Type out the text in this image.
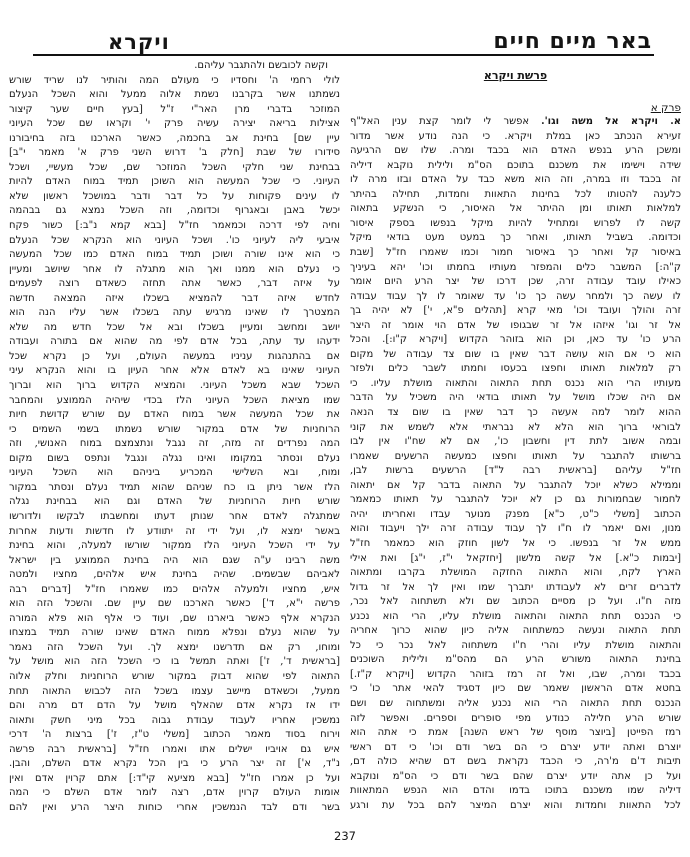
באר מיים חיים
ויקרא
פרשת ויקרא
פרק א
א. ויקרא אל משה וגו'. אפשר לי לומר קצת ענין האל"ף
זעירא הנכתב כאן במלת ויקרא. כי הנה נודע אשר מדור
ומשכן הרע בנפש האדם הוא בכבד ומרה. שלו שם הרגיעה
שידה וישימו את משכנם בתוכם הס"מ ולילית נוקבא דיליה
זה בכבד וזו במרה, וזה הוא משא כבד על האדם ובזו מרה לו
כלענה להטותו לכל בחינות התאוות וחמדות, תחילה בהיתר
למלאות תאותו ומן ההיתר אל האיסור, כי הנשקע בתאוה
קשה לו לפרוש ומתחיל להיות מיקל בנפשו בספק איסור
וכדומה. בשביל תאותו, ואחר כך במעט מעט בודאי מיקל
באיסור קל ואחר כך באיסור חמור וכמו שאמרו חז"ל [שבת
ק"ה:] המשבר כלים והמפזר מעותיו בחמתו וכו' יהא בעיניך
כאילו עובד עבודה זרה, שכן דרכו של יצר הרע היום אומר
לו עשה כך ולמחר עשה כך כו' עד שאומר לו לך עבוד עבודה
זרה והולך ועובד וכו' מאי קרא [תהלים פ"א, י'] לא יהיה בך
אל זר וגו' איזהו אל זר שבגופו של אדם הוי אומר זה היצר
הרע כו' עד כאן, וכן הוא בזוהר הקדוש [ויקרא ק"ו:]. והכל
הוא כי אם הוא עושה דבר שאין בו שום צד עבודה של מקום
רק למלאות תאותו וחפצו בכעסו וחמתו לשבר כלים ולפזר
מעותיו הרי הוא נכנס תחת התאוה והתאוה מושלת עליו. כי
אם היה שכלו מושל על תאותו בודאי היה משכיל על הדבר
ההוא לומר למה אעשה כך דבר שאין בו שום צד הנאה
לבוראי ברוך הוא הלא לא נבראתי אלא לשמש את קוני
ובמה אשוב לתת דין וחשבון כו', אם לא שח"ו אין לבו
ברשותו להתגבר על תאותו וחפצו כמעשה הרשעים שאמרו
חז"ל עליהם [בראשית רבה ל"ד] הרשעים ברשות לבן,
וממילא כשלא יוכל להתגבר על התאוה בדבר קל אם יתאוה
לחמור שבחמורות גם כן לא יוכל להתגבר על תאותו כמאמר
הכתוב [משלי כ"ט, כ"א] מפנק מנוער עבדו ואחריתו יהיה
מנון, ואם יאמר לו ח"ו לך עבוד עבודה זרה ילך ויעבוד והוא
ממש אל זר בנפשו. כי אל לשון חוזק הוא כמאמר חז"ל
[יבמות כ"א.] אל קשה מלשון [יחזקאל י"ז, י"ג] ואת אילי
הארץ לקח, והוא התאוה החזקה המושלת בקרבו ומתאוה
לדברים זרים לא לעבודתו יתברך שמו ואין לך אל זר גדול
מזה ח"ו. ועל כן מסיים הכתוב שם ולא תשתחוה לאל נכר,
כי הנכנס תחת התאוה והתאוה מושלת עליו, הרי הוא נכנע
תחת התאוה ונעשה כמשתחוה אליה כיון שהוא כרוך אחריה
והתאוה מושלת עליו והרי ח"ו משתחוה לאל נכר כי כל
בחינת התאוה משורש הרע הם מהס"מ ולילית השוכנים
בכבד ומרה, שבו, ואל זה רמז בזוהר הקדוש [ויקרא ק"ז.]
בחטא אדם הראשון שאמר שם כיון דסגיד להאי אתר כו' כי
הנכנס תחת התאוה הרי הוא נכנע אליה ומשתחוה שם ושם
שורש הרע חלילה כנודע מפי סופרים וספרים. ואפשר לזה
רמז הפייטן [ביוצר מוסף של ראש השנה] אמת כי אתה הוא
יוצרם ואתה יודע יצרם כי הם בשר ודם וכו' כי דם ראשי
תיבות ד'ם מ'רה, כי הכבד נקראת בשם דם שהיא כולה דם,
ועל כן אתה יודע יצרם שהם בשר ודם כי הס"מ ונוקבא
דיליה שמו משכנם בתוכו בדמו והדם הוא הנפש המתאוות
לכל התאוות וחמדות והוא יצרם המיצר להם בכל עת ורגע
וקשה לכובשם ולהתגבר עליהם.
לולי רחמי ה' וחסדיו כי מעולם המה והותיר לנו שריד שורש
נשמתנו אשר בקרבנו נשמת אלוה ממעל והוא השכל הנעלם
המוזכר בדברי מרן האר"י ז"ל [בעץ חיים שער קיצור
אצילות בריאה יצירה עשיה פרק י' וקראו שם שכל העיוני
עיין שם] בחינת אב בחכמה, כאשר הארכנו בזה בחיבורנו
סידורו של שבת [חלק ב' דרוש השני פרק א' מאמר י"ב]
בבחינת שני חלקי השכל המוזכר שם, שכל מעשיי, ושכל
העיוני. כי שכל המעשה הוא השוכן תמיד במוח האדם להיות
לו עינים פקוחות על כל דבר ודבר במושכל ראשון שלא
יכשל באבן ובאגרוף וכדומה, וזה השכל נמצא גם בבהמה
וחיה לפי דרכה וכמאמר חז"ל [בבא קמא נ"ב:] כשור פקח
איבעי ליה לעיוני כו'. ושכל העיוני הוא הנקרא שכל הנעלם
כי הוא אינו שורה ושוכן תמיד במוח האדם כמו שכל המעשה
כי נעלם הוא ממנו ואך הוא מתגלה לו אחר שיושב ומעיין
על איזה דבר, כאשר אתה תחזה כשאדם רוצה לפעמים
לחדש איזה דבר להמציא בשכלו איזה המצאה חדשה
המצטרך לו שאינו מרגיש עתה בשכלו אשר עליו הנה הוא
יושב ומחשב ומעיין בשכלו ובא אל שכל חדש מה שלא
ידעהו עד עתה, בכל אדם לפי מה שהוא אם בתורה ועבודה
אם בהתנהגות עניניו במעשה העולם, ועל כן נקרא שכל
העיוני שאינו בא לאדם אלא אחר העיון בו והוא הנקרא עיני
השכל שבא משכל העיוני. והמציא הקדוש ברוך הוא וברוך
שמו מציאת השכל העיוני הלז בכדי שיהיה הממוצע והמחבר
את שכל המעשה אשר במוח האדם עם שורש קדושת חיות
הרוחניות של אדם במקור שורש נשמתו בשמי השמים כי
המה נפרדים זה מזה, זה נגבל ונתצמצם במוח האנושי, וזה
נעלם ונסתר במקומו ואינו נגלה ונגבל ונתפס בשום מקום
ומוח, ובא השלישי המכריע ביניהם הוא השכל העיוני
הלז אשר ניתן בו כח שניהם שהוא תמיד נעלם ונסתר במקור
שורש חיות הרוחניות של האדם וגם הוא בבחינת נגלה
שמתגלה לאדם אחר שנותן דעתו ומחשבתו לבקשו ולדורשו
באשר ימצא לו, ועל ידי זה יתוודע לו חדשות ודעות אחרות
על ידי השכל העיוני הלז ממקור שורשו למעלה, והוא בחינת
משה רבינו ע"ה שגם הוא היה בחינת הממוצע בין ישראל
לאביהם שבשמים. שהיה בחינת איש אלהים, מחציו ולמטה
איש, מחציו ולמעלה אלהים כמו שאמרו חז"ל [דברים רבה
פרשה י"א, ד'] כאשר הארכנו שם עיין שם. והשכל הזה הוא
הנקרא אלף כאשר ביארנו שם, ועוד כי אלף הוא פלא המורה
על שהוא נעלם ונפלא ממוח האדם שאינו שורה תמיד במצחו
ומוחו, רק אם תדרשנו ימצא לך. ועל השכל הזה נאמר
[בראשית ד', ז'] ואתה תמשל בו כי השכל הזה הוא מושל על
התאוה לפי שהוא דבוק במקור שורש הרוחניות וחלק אלוה
ממעל, וכשאדם מיישב עצמו בשכל הזה לכבוש התאוה תחת
ידו אז נקרא אדם שהאלף מושל על הדם דם מרה והם
נמשכין אחריו לעבוד עבודת גבוה בכל מיני חשק ותאוה
וירוח בסוד מאמר הכתוב [משלי ט"ז, ז'] ברצות ה' דרכי
איש גם אויביו ישלים אתו ואמרו חז"ל [בראשית רבה פרשה
נ"ד, א'] זה יצר הרע כי בין הכל נקרא אדם השלם, והבן.
ועל כן אמרו חז"ל [בבא מציעא קי"ד:] אתם קרוין אדם ואין
אומות העולם קרוין אדם, רצה לומר אדם השלם כי המה
בשר ודם לבד הנמשכין אחרי כוחות היצר הרע ואין להם
237
